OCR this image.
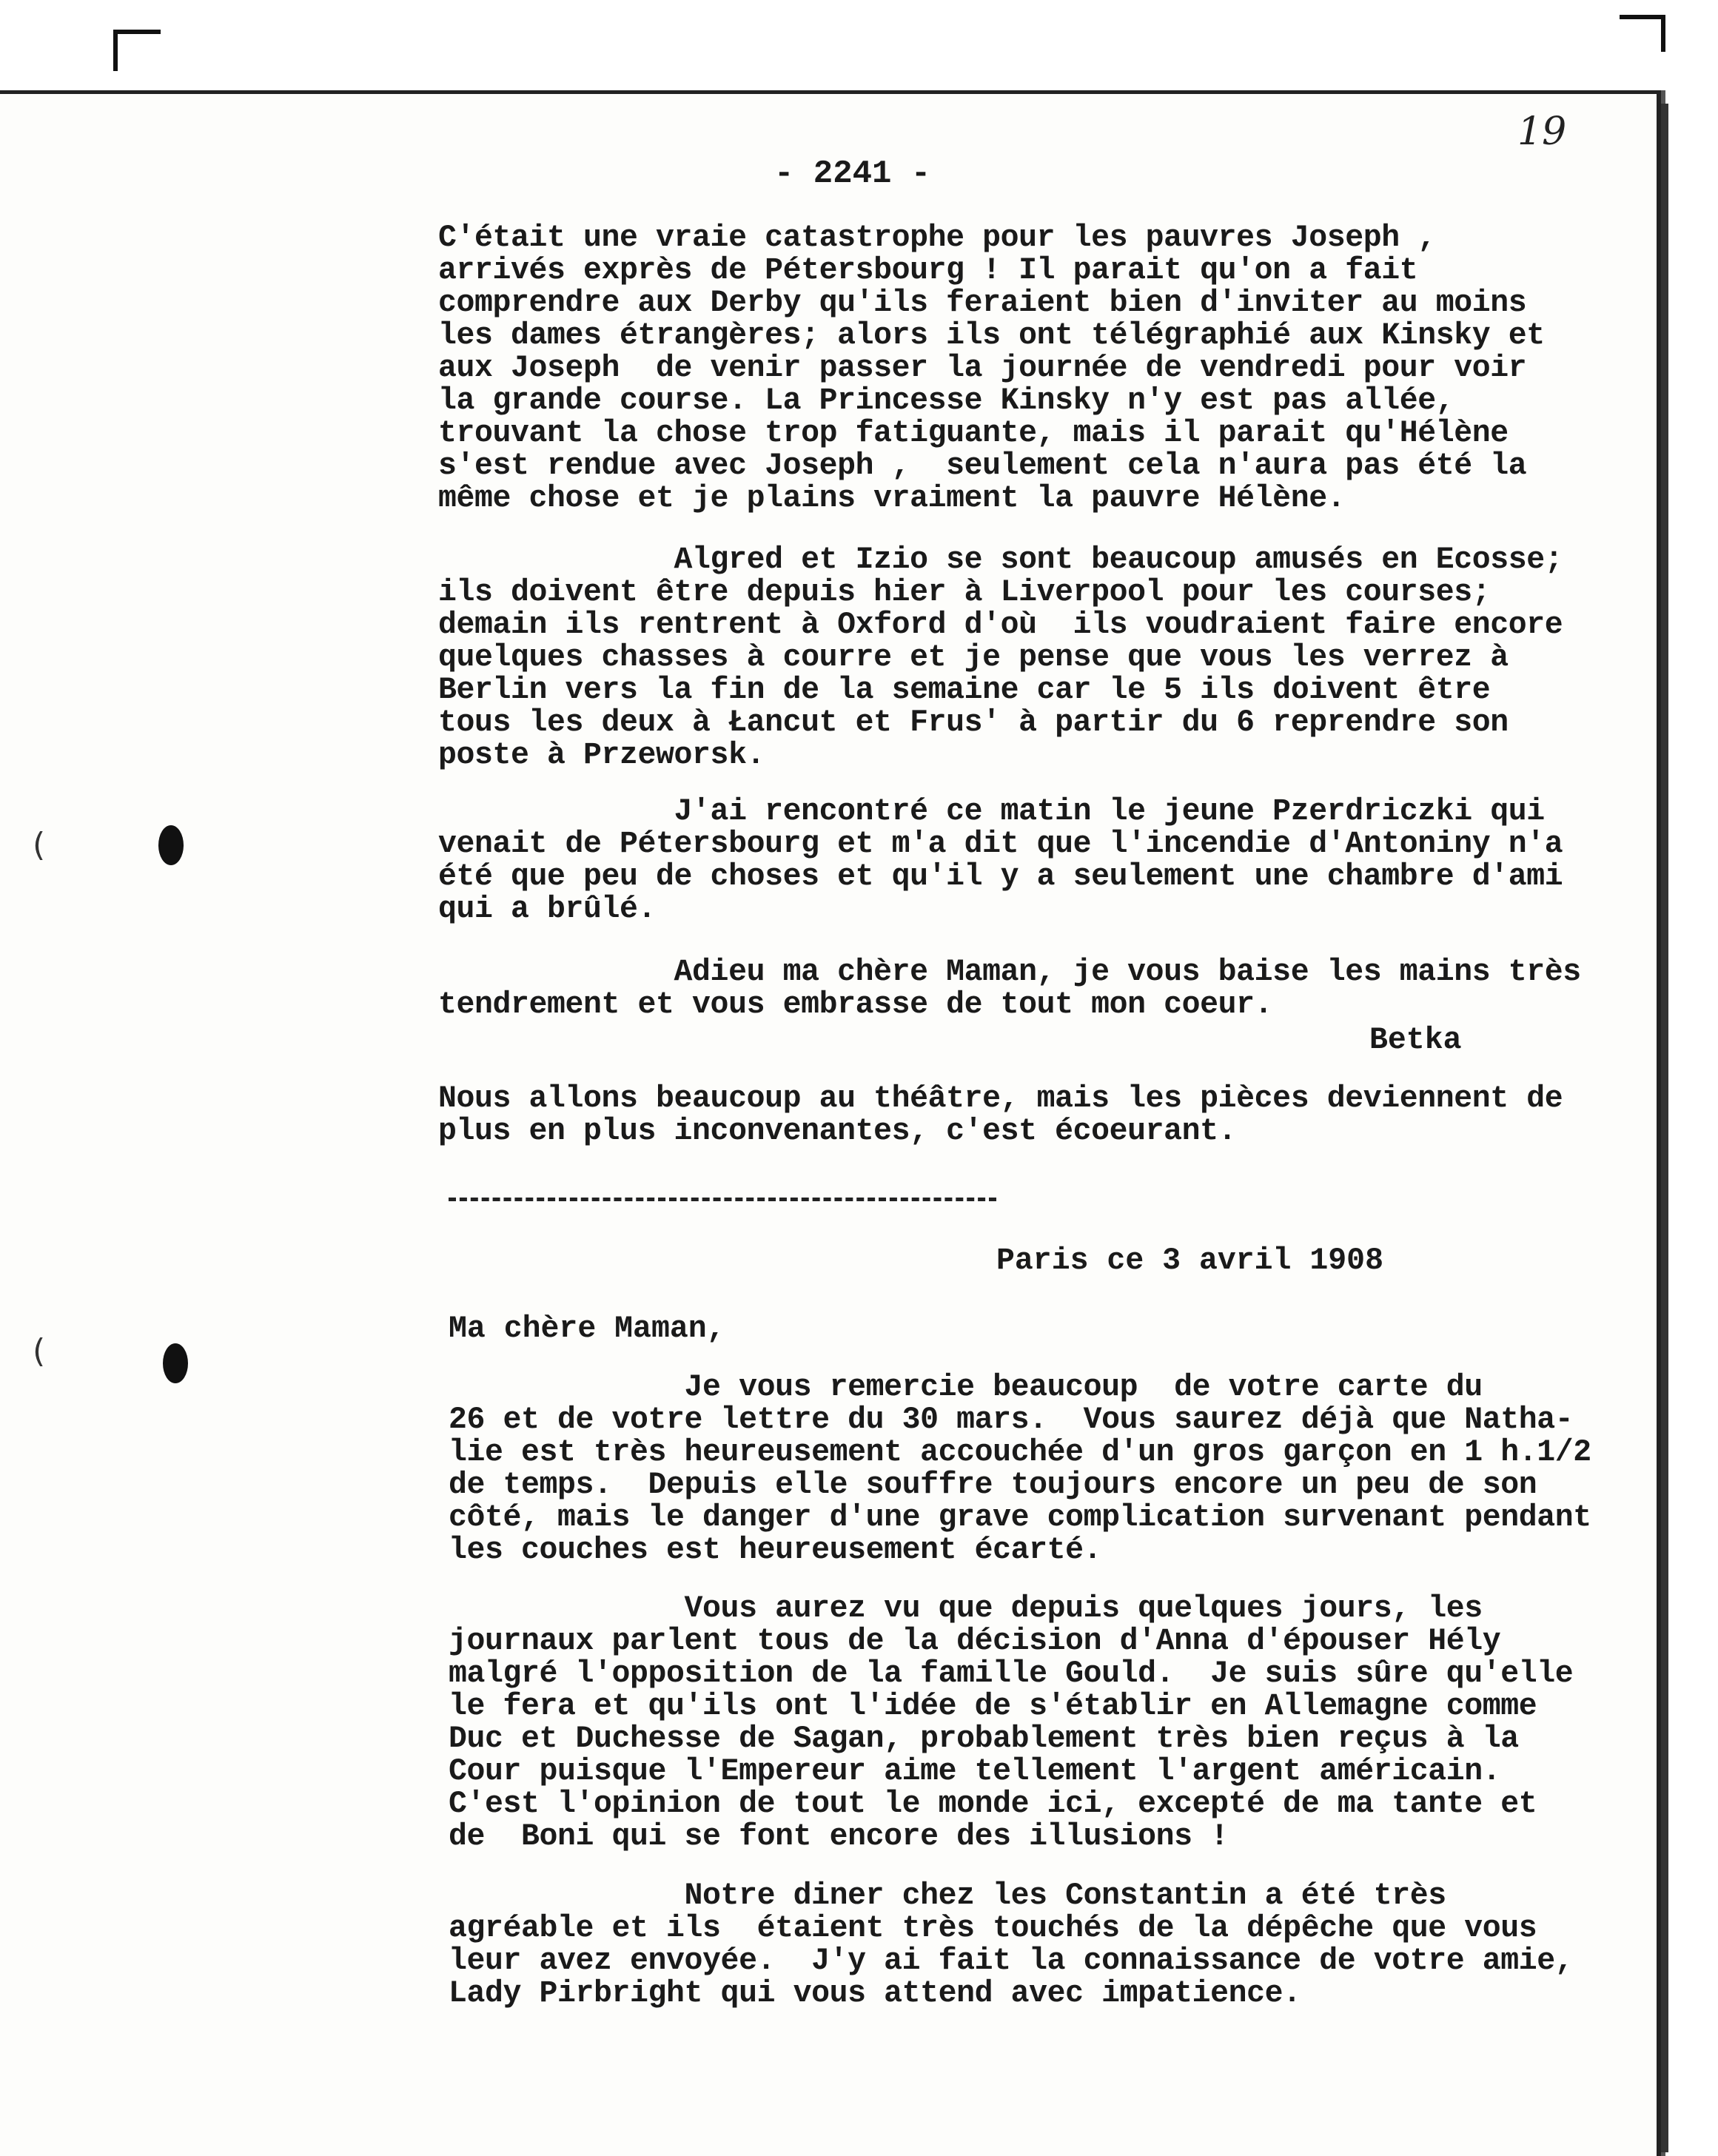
19
- 2241 -
(
(
C'était une vraie catastrophe pour les pauvres Joseph ,
arrivés exprès de Pétersbourg ! Il parait qu'on a fait
comprendre aux Derby qu'ils feraient bien d'inviter au moins
les dames étrangères; alors ils ont télégraphié aux Kinsky et
aux Joseph  de venir passer la journée de vendredi pour voir
la grande course. La Princesse Kinsky n'y est pas allée,
trouvant la chose trop fatiguante, mais il parait qu'Hélène
s'est rendue avec Joseph ,  seulement cela n'aura pas été la
même chose et je plains vraiment la pauvre Hélène.
Algred et Izio se sont beaucoup amusés en Ecosse;
ils doivent être depuis hier à Liverpool pour les courses;
demain ils rentrent à Oxford d'où  ils voudraient faire encore
quelques chasses à courre et je pense que vous les verrez à
Berlin vers la fin de la semaine car le 5 ils doivent être
tous les deux à Łancut et Frus' à partir du 6 reprendre son
poste à Przeworsk.
J'ai rencontré ce matin le jeune Pzerdriczki qui
venait de Pétersbourg et m'a dit que l'incendie d'Antoniny n'a
été que peu de choses et qu'il y a seulement une chambre d'ami
qui a brûlé.
Adieu ma chère Maman, je vous baise les mains très
tendrement et vous embrasse de tout mon coeur.
Betka
Nous allons beaucoup au théâtre, mais les pièces deviennent de
plus en plus inconvenantes, c'est écoeurant.
Paris ce 3 avril 1908
Ma chère Maman,
Je vous remercie beaucoup  de votre carte du
26 et de votre lettre du 30 mars.  Vous saurez déjà que Natha-
lie est très heureusement accouchée d'un gros garçon en 1 h.1/2
de temps.  Depuis elle souffre toujours encore un peu de son
côté, mais le danger d'une grave complication survenant pendant
les couches est heureusement écarté.
Vous aurez vu que depuis quelques jours, les
journaux parlent tous de la décision d'Anna d'épouser Hély
malgré l'opposition de la famille Gould.  Je suis sûre qu'elle
le fera et qu'ils ont l'idée de s'établir en Allemagne comme
Duc et Duchesse de Sagan, probablement très bien reçus à la
Cour puisque l'Empereur aime tellement l'argent américain.
C'est l'opinion de tout le monde ici, excepté de ma tante et
de  Boni qui se font encore des illusions !
Notre diner chez les Constantin a été très
agréable et ils  étaient très touchés de la dépêche que vous
leur avez envoyée.  J'y ai fait la connaissance de votre amie,
Lady Pirbright qui vous attend avec impatience.
